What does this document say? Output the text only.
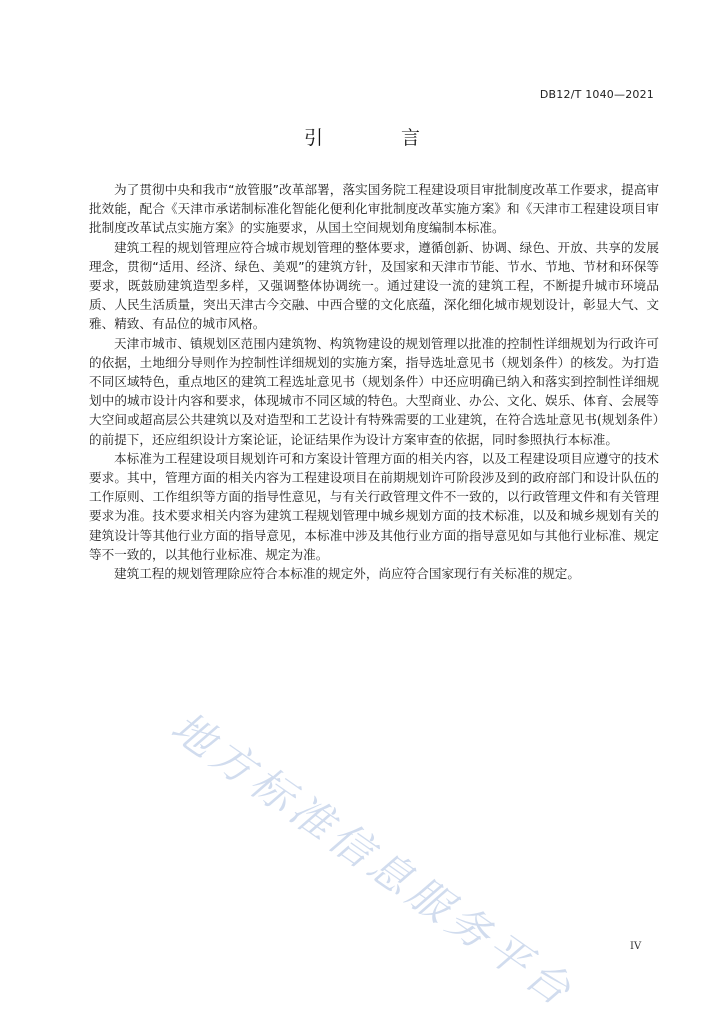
DB12/T 1040—2021
引 言

为了贯彻中央和我市“放管服”改革部署，落实国务院工程建设项目审批制度改革工作要求，提高审批效能，配合《天津市承诺制标准化智能化便利化审批制度改革实施方案》和《天津市工程建设项目审批制度改革试点实施方案》的实施要求，从国土空间规划角度编制本标准。

建筑工程的规划管理应符合城市规划管理的整体要求，遵循创新、协调、绿色、开放、共享的发展理念，贯彻“适用、经济、绿色、美观”的建筑方针，及国家和天津市节能、节水、节地、节材和环保等要求，既鼓励建筑造型多样，又强调整体协调统一。通过建设一流的建筑工程，不断提升城市环境品质、人民生活质量，突出天津古今交融、中西合璧的文化底蕴，深化细化城市规划设计，彰显大气、文雅、精致、有品位的城市风格。

天津市城市、镇规划区范围内建筑物、构筑物建设的规划管理以批准的控制性详细规划为行政许可的依据，土地细分导则作为控制性详细规划的实施方案，指导选址意见书（规划条件）的核发。为打造不同区域特色，重点地区的建筑工程选址意见书（规划条件）中还应明确已纳入和落实到控制性详细规划中的城市设计内容和要求，体现城市不同区域的特色。大型商业、办公、文化、娱乐、体育、会展等大空间或超高层公共建筑以及对造型和工艺设计有特殊需要的工业建筑，在符合选址意见书(规划条件）的前提下，还应组织设计方案论证，论证结果作为设计方案审查的依据，同时参照执行本标准。

本标准为工程建设项目规划许可和方案设计管理方面的相关内容，以及工程建设项目应遵守的技术要求。其中，管理方面的相关内容为工程建设项目在前期规划许可阶段涉及到的政府部门和设计队伍的工作原则、工作组织等方面的指导性意见，与有关行政管理文件不一致的，以行政管理文件和有关管理要求为准。技术要求相关内容为建筑工程规划管理中城乡规划方面的技术标准，以及和城乡规划有关的建筑设计等其他行业方面的指导意见，本标准中涉及其他行业方面的指导意见如与其他行业标准、规定等不一致的，以其他行业标准、规定为准。

建筑工程的规划管理除应符合本标准的规定外，尚应符合国家现行有关标准的规定。

地方标准信息服务平台	IV
